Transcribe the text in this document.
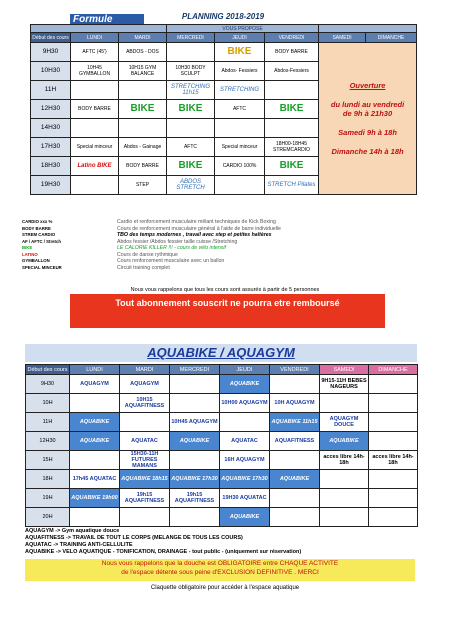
PLANNING 2018-2019
Formule
			VOUS PROPOSE				
Début des cours	LUNDI	MARDI	MERCREDI	JEUDI	VENDREDI	SAMEDI	DIMANCHE
9H30	AFTC (45')	ABDOS - DOS		BIKE	BODY BARRE	Ouverture
du lundi au vendredi
de 9h à 21h30
Samedi 9h à 18h
Dimanche 14h à 18h	

10H30	10H45 GYMBALLON	10H15 GYM BALANCE	10H30 BODY SCULPT	Abdos- Fessiers	Abdos-Fessiers		
11H			STRETCHING 11h15	STRETCHING			
12H30	BODY BARRE	BIKE	BIKE	AFTC	BIKE		
14H30							
17H30	Special minceur	Abdos - Gainage	AFTC	Special minceur	18H00-18H45 STREMCARDIO		
18H30	Latino BIKE	BODY BARRE	BIKE	CARDIO 100%	BIKE		
19H30		STEP	ABDOS STRETCH		STRETCH Pilates		
CARDIO xxx %	Cardio et renforcement musculaire mêlant techniques de Kick Boxing
BODY BARRE	Cours de renforcement musculaire général à l'aide de barre individuelle
STREM CARDIO	TBO des temps modernes , travail avec step et petites haltères
AF / AFTC / Stretch	Abdos fessier /Abdos fessier taille cuisse /Stretching
BIKE	LE CALORIE KILLER !!! - cours de vélo intensif
LATINO	Cours de danse rythmique
GYMBALLON	Cours renforcement musculaire avec un ballon
SPECIAL MINCEUR	Circuit training complet
Nous vous rappelons que tous les cours sont assurés à partir de 5 personnes
Tout abonnement souscrit ne pourra etre remboursé
AQUABIKE / AQUAGYM
Début des cours	LUNDI	MARDI	MERCREDI	JEUDI	VENDREDI	SAMEDI	DIMANCHE
9H30	AQUAGYM	AQUAGYM		AQUABIKE		9H15-11H BEBES NAGEURS	
10H		10H15 AQUAFITNESS		10H00 AQUAGYM	10H AQUAGYM		
11H	AQUABIKE		10H45 AQUAGYM		AQUABIKE 11h15	AQUAGYM DOUCE	
12H30	AQUABIKE	AQUATAC	AQUABIKE	AQUATAC	AQUAFITNESS	AQUABIKE	
15H		15H30-11H FUTURES MAMANS		16H AQUAGYM		acces libre 14h-18h	acces libre 14h-18h
18H	17h45 AQUATAC	AQUABIKE 18h15	AQUABIKE 17h30	AQUABIKE 17h30	AQUABIKE		
19H	AQUABIKE 19h00	19h15 AQUAFITNESS	19h15 AQUAFITNESS	19H30 AQUATAC			
20H				AQUABIKE			
AQUAGYM -> Gym aquatique douce
AQUAFITNESS -> TRAVAIL DE TOUT LE CORPS (MELANGE DE TOUS LES COURS)
AQUATAC -> TRAINING ANTI-CELLULITE
AQUABIKE -> VELO AQUATIQUE - TONIFICATION, DRAINAGE - tout public - (uniquement sur réservation)
Nous vous rappelons que la douche est OBLIGATOIRE entre CHAQUE ACTIVITE
de l'espace détente sous peine d'EXCLUSION DEFINITIVE . MERCI
Claquette obligatoire pour accéder à l'espace aquatique
